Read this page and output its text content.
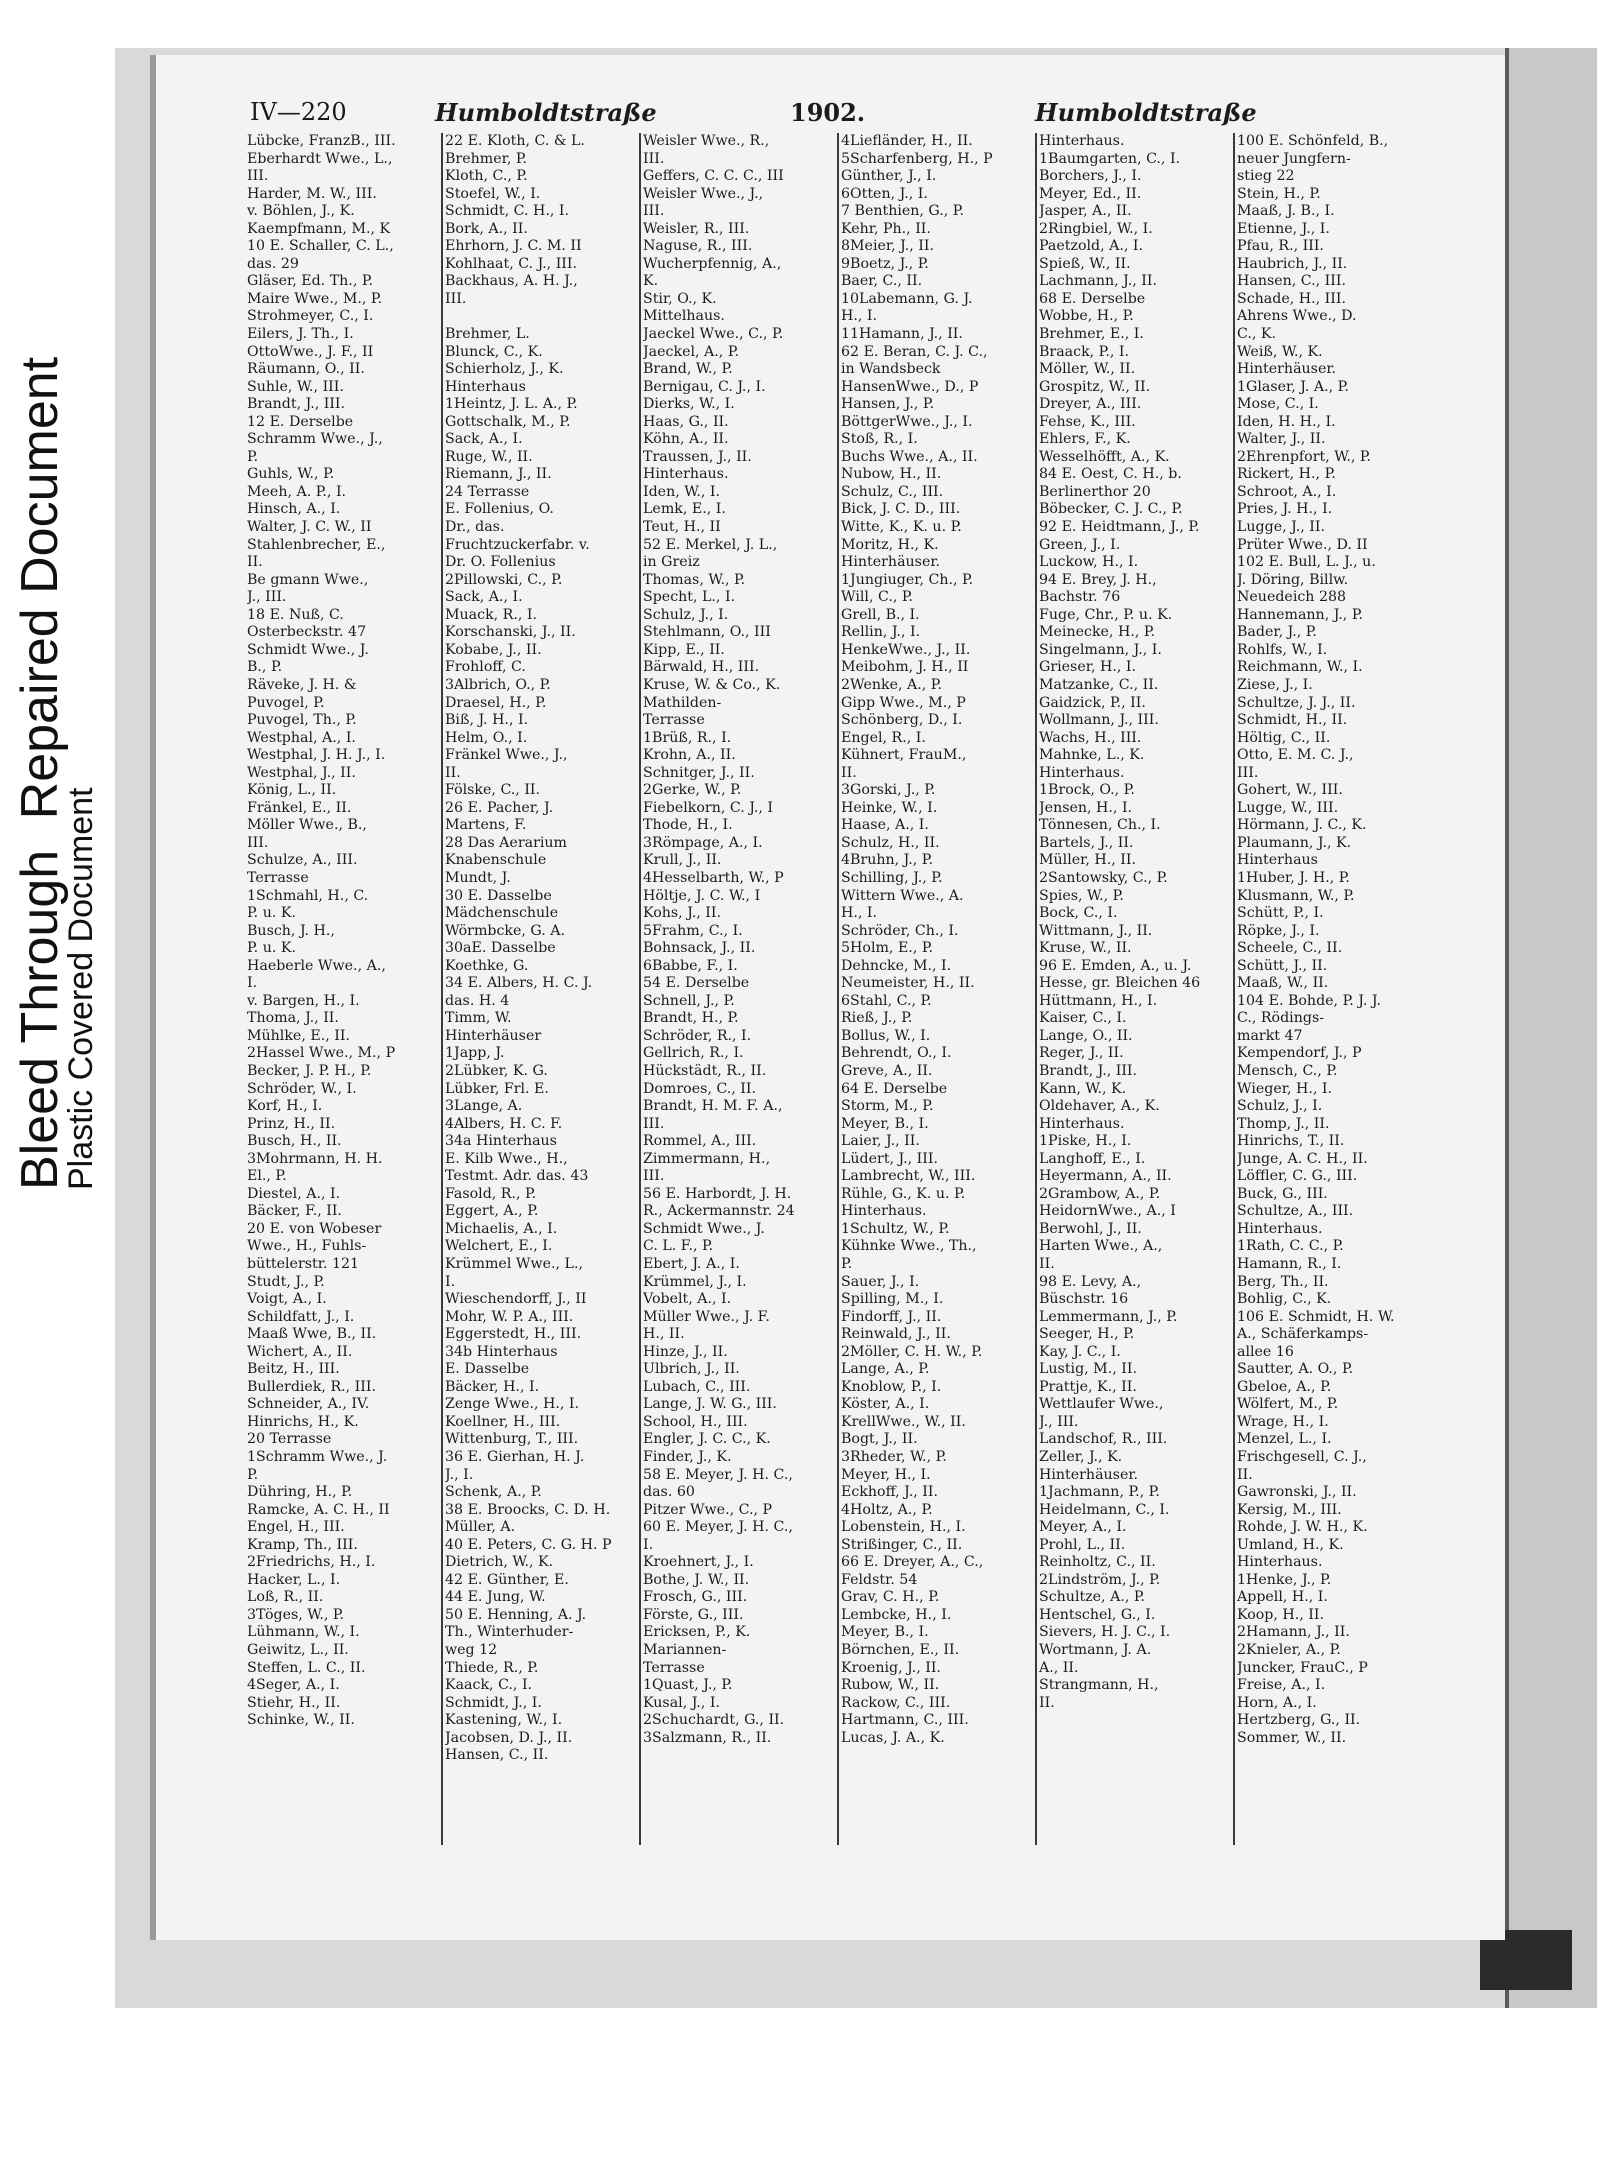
Bleed Through Repaired Document
Plastic Covered Document
IV—220	Humboldtstraße	1902.	Humboldtstraße
Lübcke, FranzB., III.
Eberhardt Wwe., L.,
III.
Harder, M. W., III.
v. Böhlen, J., K.
Kaempfmann, M., K
10 E. Schaller, C. L.,
das. 29
Gläser, Ed. Th., P.
Maire Wwe., M., P.
Strohmeyer, C., I.
Eilers, J. Th., I.
OttoWwe., J. F., II
Räumann, O., II.
Suhle, W., III.
Brandt, J., III.
12 E. Derselbe
Schramm Wwe., J.,
P.
Guhls, W., P.
Meeh, A. P., I.
Hinsch, A., I.
Walter, J. C. W., II
Stahlenbrecher, E.,
II.
Be gmann Wwe.,
J., III.
18 E. Nuß, C.
Osterbeckstr. 47
Schmidt Wwe., J.
B., P.
Räveke, J. H. &
Puvogel, P.
Puvogel, Th., P.
Westphal, A., I.
Westphal, J. H. J., I.
Westphal, J., II.
König, L., II.
Fränkel, E., II.
Möller Wwe., B.,
III.
Schulze, A., III.
Terrasse
1Schmahl, H., C.
P. u. K.
Busch, J. H.,
P. u. K.
Haeberle Wwe., A.,
I.
v. Bargen, H., I.
Thoma, J., II.
Mühlke, E., II.
2Hassel Wwe., M., P
Becker, J. P. H., P.
Schröder, W., I.
Korf, H., I.
Prinz, H., II.
Busch, H., II.
3Mohrmann, H. H.
El., P.
Diestel, A., I.
Bäcker, F., II.
20 E. von Wobeser
Wwe., H., Fuhls-
büttelerstr. 121
Studt, J., P.
Voigt, A., I.
Schildfatt, J., I.
Maaß Wwe, B., II.
Wichert, A., II.
Beitz, H., III.
Bullerdiek, R., III.
Schneider, A., IV.
Hinrichs, H., K.
20 Terrasse
1Schramm Wwe., J.
P.
Dühring, H., P.
Ramcke, A. C. H., II
Engel, H., III.
Kramp, Th., III.
2Friedrichs, H., I.
Hacker, L., I.
Loß, R., II.
3Töges, W., P.
Lühmann, W., I.
Geiwitz, L., II.
Steffen, L. C., II.
4Seger, A., I.
Stiehr, H., II.
Schinke, W., II.
22 E. Kloth, C. & L.
Brehmer, P.
Kloth, C., P.
Stoefel, W., I.
Schmidt, C. H., I.
Bork, A., II.
Ehrhorn, J. C. M. II
Kohlhaat, C. J., III.
Backhaus, A. H. J.,
III.
Brehmer, L.
Blunck, C., K.
Schierholz, J., K.
Hinterhaus
1Heintz, J. L. A., P.
Gottschalk, M., P.
Sack, A., I.
Ruge, W., II.
Riemann, J., II.
24 Terrasse
E. Follenius, O.
Dr., das.
Fruchtzuckerfabr. v.
Dr. O. Follenius
2Pillowski, C., P.
Sack, A., I.
Muack, R., I.
Korschanski, J., II.
Kobabe, J., II.
Frohloff, C.
3Albrich, O., P.
Draesel, H., P.
Biß, J. H., I.
Helm, O., I.
Fränkel Wwe., J.,
II.
Fölske, C., II.
26 E. Pacher, J.
Martens, F.
28 Das Aerarium
Knabenschule
Mundt, J.
30 E. Dasselbe
Mädchenschule
Wörmbcke, G. A.
30aE. Dasselbe
Koethke, G.
34 E. Albers, H. C. J.
das. H. 4
Timm, W.
Hinterhäuser
1Japp, J.
2Lübker, K. G.
Lübker, Frl. E.
3Lange, A.
4Albers, H. C. F.
34a Hinterhaus
E. Kilb Wwe., H.,
Testmt. Adr. das. 43
Fasold, R., P.
Eggert, A., P.
Michaelis, A., I.
Welchert, E., I.
Krümmel Wwe., L.,
I.
Wieschendorff, J., II
Mohr, W. P. A., III.
Eggerstedt, H., III.
34b Hinterhaus
E. Dasselbe
Bäcker, H., I.
Zenge Wwe., H., I.
Koellner, H., III.
Wittenburg, T., III.
36 E. Gierhan, H. J.
J., I.
Schenk, A., P.
38 E. Broocks, C. D. H.
Müller, A.
40 E. Peters, C. G. H. P
Dietrich, W., K.
42 E. Günther, E.
44 E. Jung, W.
50 E. Henning, A. J.
Th., Winterhuder-
weg 12
Thiede, R., P.
Kaack, C., I.
Schmidt, J., I.
Kastening, W., I.
Jacobsen, D. J., II.
Hansen, C., II.
Weisler Wwe., R.,
III.
Geffers, C. C. C., III
Weisler Wwe., J.,
III.
Weisler, R., III.
Naguse, R., III.
Wucherpfennig, A.,
K.
Stir, O., K.
Mittelhaus.
Jaeckel Wwe., C., P.
Jaeckel, A., P.
Brand, W., P.
Bernigau, C. J., I.
Dierks, W., I.
Haas, G., II.
Köhn, A., II.
Traussen, J., II.
Hinterhaus.
Iden, W., I.
Lemk, E., I.
Teut, H., II
52 E. Merkel, J. L.,
in Greiz
Thomas, W., P.
Specht, L., I.
Schulz, J., I.
Stehlmann, O., III
Kipp, E., II.
Bärwald, H., III.
Kruse, W. & Co., K.
Mathilden-
Terrasse
1Brüß, R., I.
Krohn, A., II.
Schnitger, J., II.
2Gerke, W., P.
Fiebelkorn, C. J., I
Thode, H., I.
3Römpage, A., I.
Krull, J., II.
4Hesselbarth, W., P
Höltje, J. C. W., I
Kohs, J., II.
5Frahm, C., I.
Bohnsack, J., II.
6Babbe, F., I.
54 E. Derselbe
Schnell, J., P.
Brandt, H., P.
Schröder, R., I.
Gellrich, R., I.
Hückstädt, R., II.
Domroes, C., II.
Brandt, H. M. F. A.,
III.
Rommel, A., III.
Zimmermann, H.,
III.
56 E. Harbordt, J. H.
R., Ackermannstr. 24
Schmidt Wwe., J.
C. L. F., P.
Ebert, J. A., I.
Krümmel, J., I.
Vobelt, A., I.
Müller Wwe., J. F.
H., II.
Hinze, J., II.
Ulbrich, J., II.
Lubach, C., III.
Lange, J. W. G., III.
School, H., III.
Engler, J. C. C., K.
Finder, J., K.
58 E. Meyer, J. H. C.,
das. 60
Pitzer Wwe., C., P
60 E. Meyer, J. H. C.,
I.
Kroehnert, J., I.
Bothe, J. W., II.
Frosch, G., III.
Förste, G., III.
Ericksen, P., K.
Mariannen-
Terrasse
1Quast, J., P.
Kusal, J., I.
2Schuchardt, G., II.
3Salzmann, R., II.
4Liefländer, H., II.
5Scharfenberg, H., P
Günther, J., I.
6Otten, J., I.
7 Benthien, G., P.
Kehr, Ph., II.
8Meier, J., II.
9Boetz, J., P.
Baer, C., II.
10Labemann, G. J.
H., I.
11Hamann, J., II.
62 E. Beran, C. J. C.,
in Wandsbeck
HansenWwe., D., P
Hansen, J., P.
BöttgerWwe., J., I.
Stoß, R., I.
Buchs Wwe., A., II.
Nubow, H., II.
Schulz, C., III.
Bick, J. C. D., III.
Witte, K., K. u. P.
Moritz, H., K.
Hinterhäuser.
1Jungiuger, Ch., P.
Will, C., P.
Grell, B., I.
Rellin, J., I.
HenkeWwe., J., II.
Meibohm, J. H., II
2Wenke, A., P.
Gipp Wwe., M., P
Schönberg, D., I.
Engel, R., I.
Kühnert, FrauM.,
II.
3Gorski, J., P.
Heinke, W., I.
Haase, A., I.
Schulz, H., II.
4Bruhn, J., P.
Schilling, J., P.
Wittern Wwe., A.
H., I.
Schröder, Ch., I.
5Holm, E., P.
Dehncke, M., I.
Neumeister, H., II.
6Stahl, C., P.
Rieß, J., P.
Bollus, W., I.
Behrendt, O., I.
Greve, A., II.
64 E. Derselbe
Storm, M., P.
Meyer, B., I.
Laier, J., II.
Lüdert, J., III.
Lambrecht, W., III.
Rühle, G., K. u. P.
Hinterhaus.
1Schultz, W., P.
Kühnke Wwe., Th.,
P.
Sauer, J., I.
Spilling, M., I.
Findorff, J., II.
Reinwald, J., II.
2Möller, C. H. W., P.
Lange, A., P.
Knoblow, P., I.
Köster, A., I.
KrellWwe., W., II.
Bogt, J., II.
3Rheder, W., P.
Meyer, H., I.
Eckhoff, J., II.
4Holtz, A., P.
Lobenstein, H., I.
Strißinger, C., II.
66 E. Dreyer, A., C.,
Feldstr. 54
Grav, C. H., P.
Lembcke, H., I.
Meyer, B., I.
Börnchen, E., II.
Kroenig, J., II.
Rubow, W., II.
Rackow, C., III.
Hartmann, C., III.
Lucas, J. A., K.
Hinterhaus.
1Baumgarten, C., I.
Borchers, J., I.
Meyer, Ed., II.
Jasper, A., II.
2Ringbiel, W., I.
Paetzold, A., I.
Spieß, W., II.
Lachmann, J., II.
68 E. Derselbe
Wobbe, H., P.
Brehmer, E., I.
Braack, P., I.
Möller, W., II.
Grospitz, W., II.
Dreyer, A., III.
Fehse, K., III.
Ehlers, F., K.
Wesselhöfft, A., K.
84 E. Oest, C. H., b.
Berlinerthor 20
Böbecker, C. J. C., P.
92 E. Heidtmann, J., P.
Green, J., I.
Luckow, H., I.
94 E. Brey, J. H.,
Bachstr. 76
Fuge, Chr., P. u. K.
Meinecke, H., P.
Singelmann, J., I.
Grieser, H., I.
Matzanke, C., II.
Gaidzick, P., II.
Wollmann, J., III.
Wachs, H., III.
Mahnke, L., K.
Hinterhaus.
1Brock, O., P.
Jensen, H., I.
Tönnesen, Ch., I.
Bartels, J., II.
Müller, H., II.
2Santowsky, C., P.
Spies, W., P.
Bock, C., I.
Wittmann, J., II.
Kruse, W., II.
96 E. Emden, A., u. J.
Hesse, gr. Bleichen 46
Hüttmann, H., I.
Kaiser, C., I.
Lange, O., II.
Reger, J., II.
Brandt, J., III.
Kann, W., K.
Oldehaver, A., K.
Hinterhaus.
1Piske, H., I.
Langhoff, E., I.
Heyermann, A., II.
2Grambow, A., P.
HeidornWwe., A., I
Berwohl, J., II.
Harten Wwe., A.,
II.
98 E. Levy, A.,
Büschstr. 16
Lemmermann, J., P.
Seeger, H., P.
Kay, J. C., I.
Lustig, M., II.
Prattje, K., II.
Wettlaufer Wwe.,
J., III.
Landschof, R., III.
Zeller, J., K.
Hinterhäuser.
1Jachmann, P., P.
Heidelmann, C., I.
Meyer, A., I.
Prohl, L., II.
Reinholtz, C., II.
2Lindström, J., P.
Schultze, A., P.
Hentschel, G., I.
Sievers, H. J. C., I.
Wortmann, J. A.
A., II.
Strangmann, H.,
II.
100 E. Schönfeld, B.,
neuer Jungfern-
stieg 22
Stein, H., P.
Maaß, J. B., I.
Etienne, J., I.
Pfau, R., III.
Haubrich, J., II.
Hansen, C., III.
Schade, H., III.
Ahrens Wwe., D.
C., K.
Weiß, W., K.
Hinterhäuser.
1Glaser, J. A., P.
Mose, C., I.
Iden, H. H., I.
Walter, J., II.
2Ehrenpfort, W., P.
Rickert, H., P.
Schroot, A., I.
Pries, J. H., I.
Lugge, J., II.
Prüter Wwe., D. II
102 E. Bull, L. J., u.
J. Döring, Billw.
Neuedeich 288
Hannemann, J., P.
Bader, J., P.
Rohlfs, W., I.
Reichmann, W., I.
Ziese, J., I.
Schultze, J. J., II.
Schmidt, H., II.
Höltig, C., II.
Otto, E. M. C. J.,
III.
Gohert, W., III.
Lugge, W., III.
Hörmann, J. C., K.
Plaumann, J., K.
Hinterhaus
1Huber, J. H., P.
Klusmann, W., P.
Schütt, P., I.
Röpke, J., I.
Scheele, C., II.
Schütt, J., II.
Maaß, W., II.
104 E. Bohde, P. J. J.
C., Rödings-
markt 47
Kempendorf, J., P
Mensch, C., P.
Wieger, H., I.
Schulz, J., I.
Thomp, J., II.
Hinrichs, T., II.
Junge, A. C. H., II.
Löffler, C. G., III.
Buck, G., III.
Schultze, A., III.
Hinterhaus.
1Rath, C. C., P.
Hamann, R., I.
Berg, Th., II.
Bohlig, C., K.
106 E. Schmidt, H. W.
A., Schäferkamps-
allee 16
Sautter, A. O., P.
Gbeloe, A., P.
Wölfert, M., P.
Wrage, H., I.
Menzel, L., I.
Frischgesell, C. J.,
II.
Gawronski, J., II.
Kersig, M., III.
Rohde, J. W. H., K.
Umland, H., K.
Hinterhaus.
1Henke, J., P.
Appell, H., I.
Koop, H., II.
2Hamann, J., II.
2Knieler, A., P.
Juncker, FrauC., P
Freise, A., I.
Horn, A., I.
Hertzberg, G., II.
Sommer, W., II.
